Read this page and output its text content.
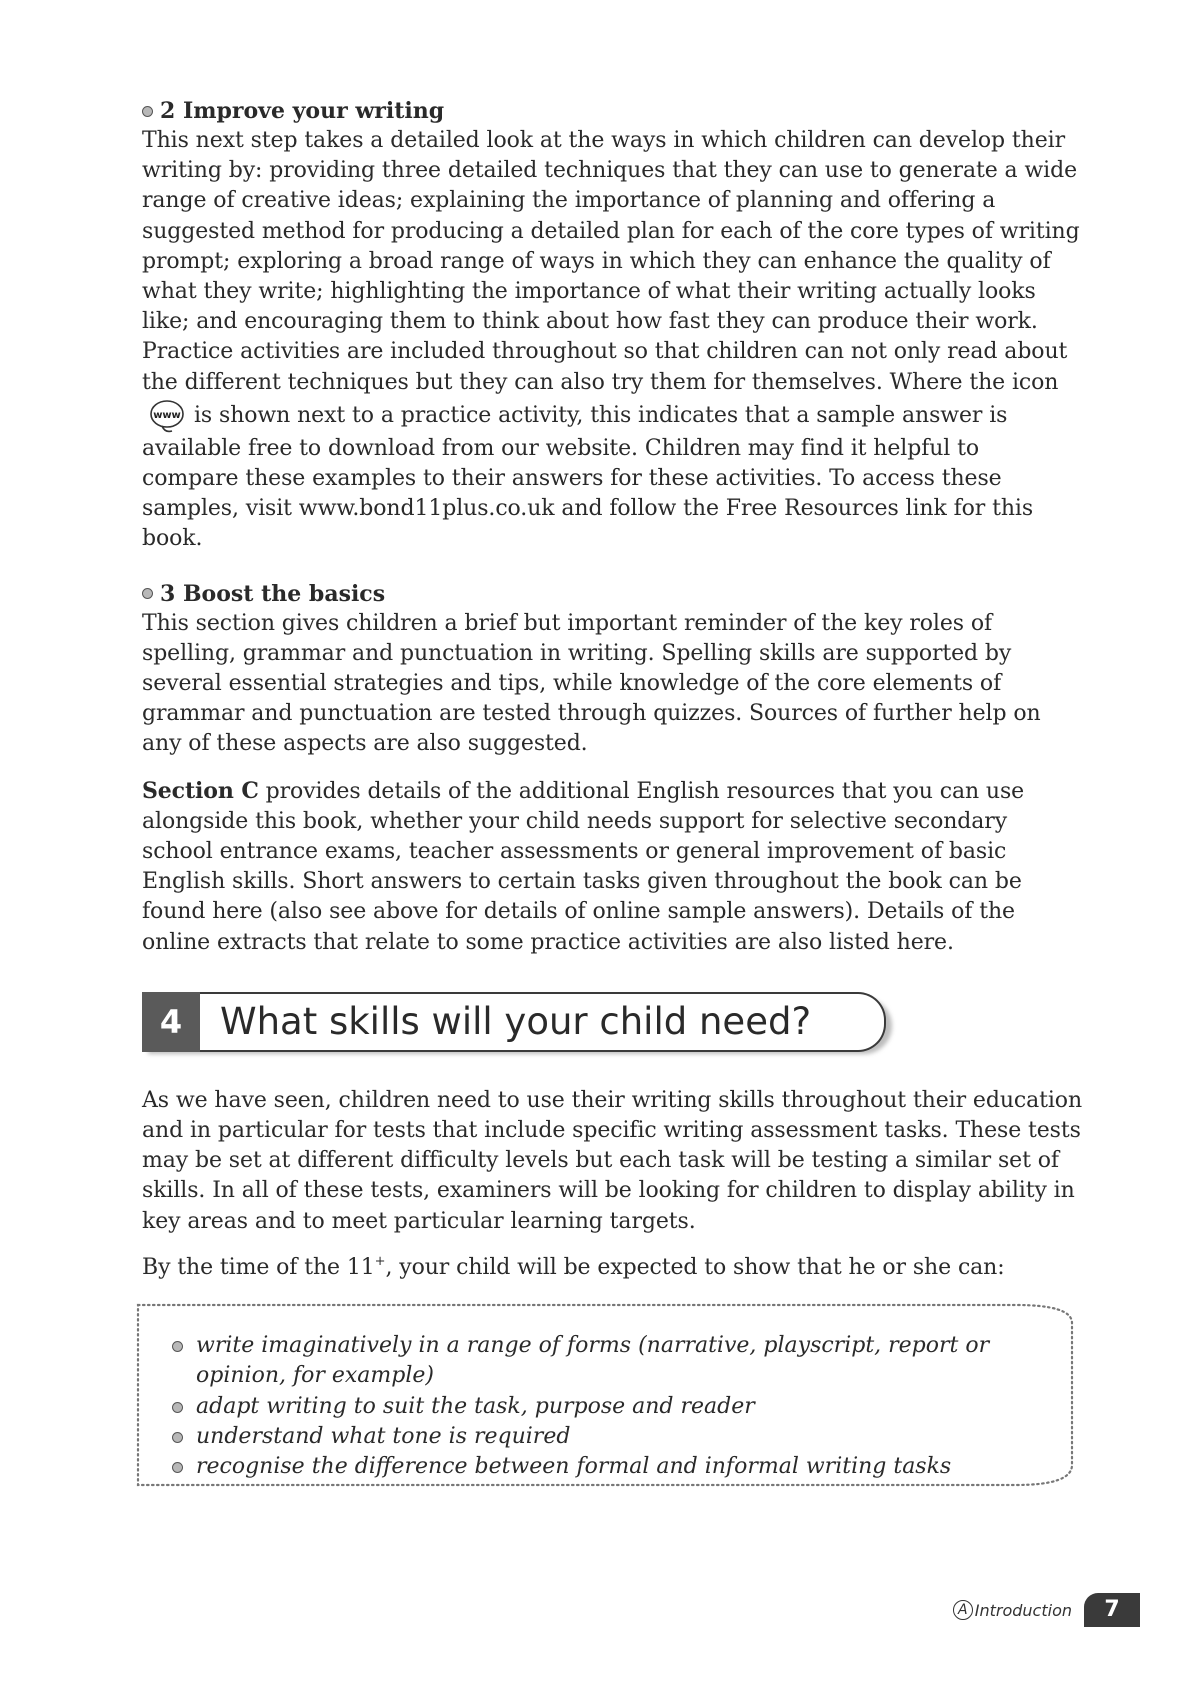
2 Improve your writing

This next step takes a detailed look at the ways in which children can develop their writing by: providing three detailed techniques that they can use to generate a wide range of creative ideas; explaining the importance of planning and offering a suggested method for producing a detailed plan for each of the core types of writing prompt; exploring a broad range of ways in which they can enhance the quality of what they write; highlighting the importance of what their writing actually looks like; and encouraging them to think about how fast they can produce their work. Practice activities are included throughout so that children can not only read about the different techniques but they can also try them for themselves. Where the icon
www is shown next to a practice activity, this indicates that a sample answer is available free to download from our website. Children may find it helpful to compare these examples to their answers for these activities. To access these samples, visit www.bond11plus.co.uk and follow the Free Resources link for this book.

3 Boost the basics

This section gives children a brief but important reminder of the key roles of spelling, grammar and punctuation in writing. Spelling skills are supported by several essential strategies and tips, while knowledge of the core elements of grammar and punctuation are tested through quizzes. Sources of further help on any of these aspects are also suggested.

Section C provides details of the additional English resources that you can use alongside this book, whether your child needs support for selective secondary school entrance exams, teacher assessments or general improvement of basic English skills. Short answers to certain tasks given throughout the book can be found here (also see above for details of online sample answers). Details of the online extracts that relate to some practice activities are also listed here.

4	What skills will your child need?

As we have seen, children need to use their writing skills throughout their education and in particular for tests that include specific writing assessment tasks. These tests may be set at different difficulty levels but each task will be testing a similar set of skills. In all of these tests, examiners will be looking for children to display ability in key areas and to meet particular learning targets.

By the time of the 11+, your child will be expected to show that he or she can:

write imaginatively in a range of forms (narrative, playscript, report or opinion, for example)
adapt writing to suit the task, purpose and reader
understand what tone is required
recognise the difference between formal and informal writing tasks
A Introduction	7
